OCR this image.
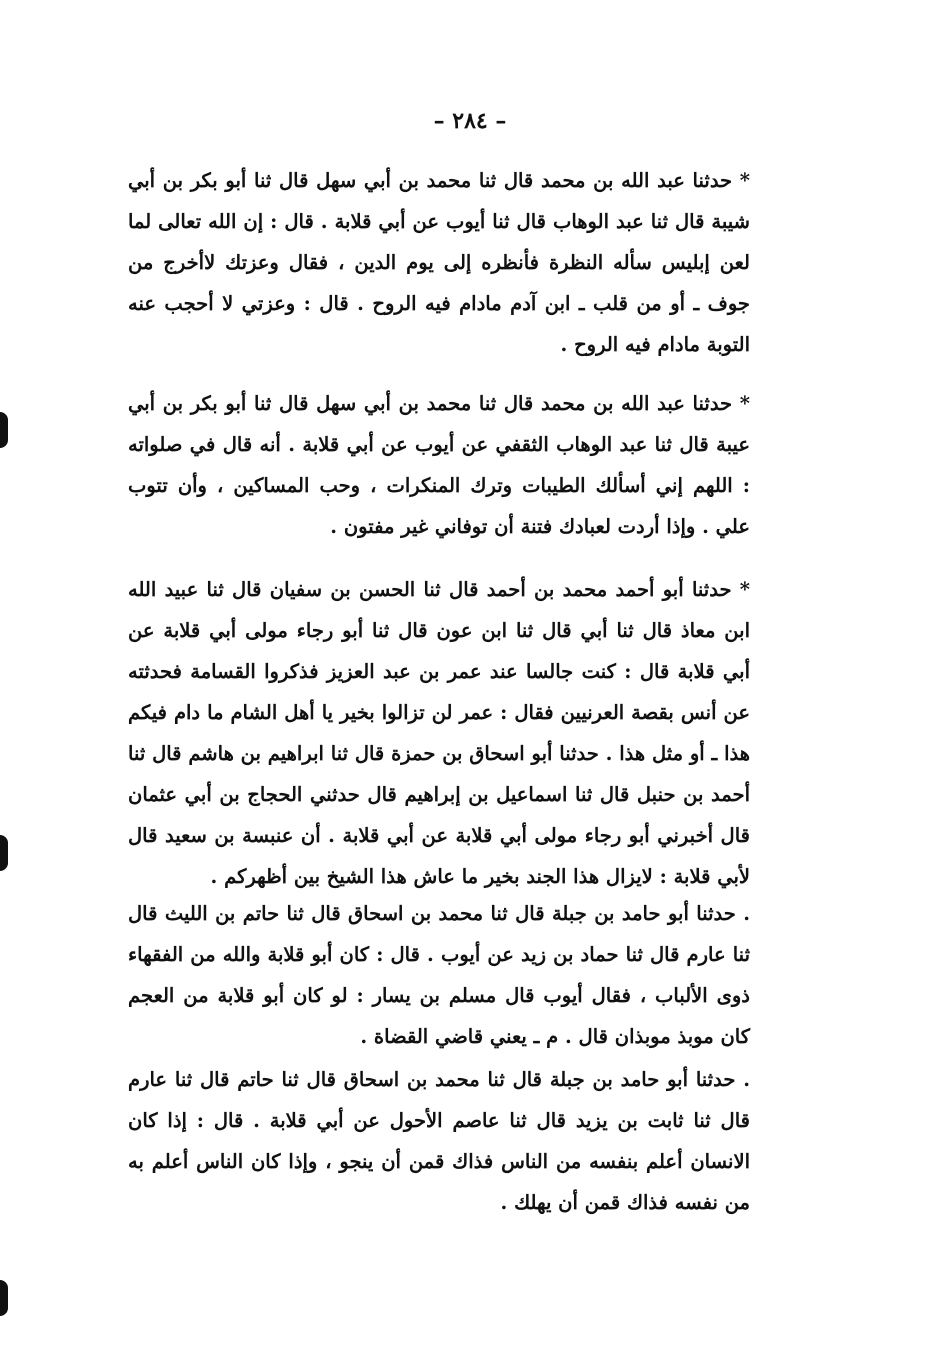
– ٢٨٤ –

* حدثنا عبد الله بن محمد قال ثنا محمد بن أبي سهل قال ثنا أبو بكر بن أبي شيبة قال ثنا عبد الوهاب قال ثنا أيوب عن أبي قلابة . قال : إن الله تعالى لما لعن إبليس سأله النظرة فأنظره إلى يوم الدين ، فقال وعزتك لاأخرج من جوف ـ أو من قلب ـ ابن آدم مادام فيه الروح . قال : وعزتي لا أحجب عنه التوبة مادام فيه الروح .

* حدثنا عبد الله بن محمد قال ثنا محمد بن أبي سهل قال ثنا أبو بكر بن أبي عيبة قال ثنا عبد الوهاب الثقفي عن أيوب عن أبي قلابة . أنه قال في صلواته : اللهم إني أسألك الطيبات وترك المنكرات ، وحب المساكين ، وأن تتوب علي . وإذا أردت لعبادك فتنة أن توفاني غير مفتون .

* حدثنا أبو أحمد محمد بن أحمد قال ثنا الحسن بن سفيان قال ثنا عبيد الله ابن معاذ قال ثنا أبي قال ثنا ابن عون قال ثنا أبو رجاء مولى أبي قلابة عن أبي قلابة قال : كنت جالسا عند عمر بن عبد العزيز فذكروا القسامة فحدثته عن أنس بقصة العرنيين فقال : عمر لن تزالوا بخير يا أهل الشام ما دام فيكم هذا ـ أو مثل هذا . حدثنا أبو اسحاق بن حمزة قال ثنا ابراهيم بن هاشم قال ثنا أحمد بن حنبل قال ثنا اسماعيل بن إبراهيم قال حدثني الحجاج بن أبي عثمان قال أخبرني أبو رجاء مولى أبي قلابة عن أبي قلابة . أن عنبسة بن سعيد قال لأبي قلابة : لايزال هذا الجند بخير ما عاش هذا الشيخ بين أظهركم .

. حدثنا أبو حامد بن جبلة قال ثنا محمد بن اسحاق قال ثنا حاتم بن الليث قال ثنا عارم قال ثنا حماد بن زيد عن أيوب . قال : كان أبو قلابة والله من الفقهاء ذوى الألباب ، فقال أيوب قال مسلم بن يسار : لو كان أبو قلابة من العجم كان موبذ موبذان قال . م ـ يعني قاضي القضاة .

. حدثنا أبو حامد بن جبلة قال ثنا محمد بن اسحاق قال ثنا حاتم قال ثنا عارم قال ثنا ثابت بن يزيد قال ثنا عاصم الأحول عن أبي قلابة . قال : إذا كان الانسان أعلم بنفسه من الناس فذاك قمن أن ينجو ، وإذا كان الناس أعلم به من نفسه فذاك قمن أن يهلك .
